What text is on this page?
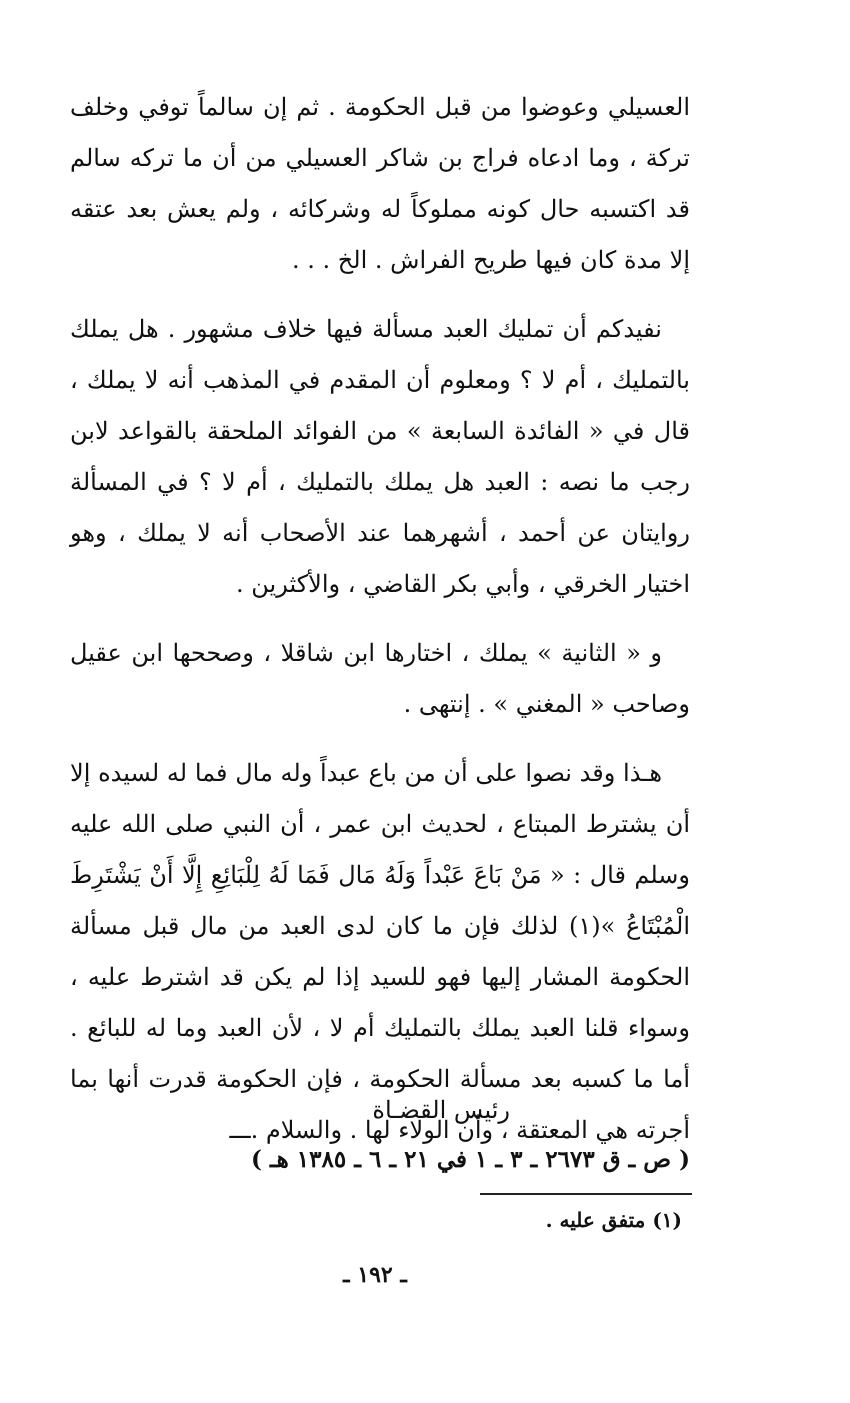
العسيلي وعوضوا من قبل الحكومة . ثم إن سالماً توفي وخلف تركة ، وما ادعاه فراج بن شاكر العسيلي من أن ما تركه سالم قد اكتسبه حال كونه مملوكاً له وشركائه ، ولم يعش بعد عتقه إلا مدة كان فيها طريح الفراش . الخ . . .

نفيدكم أن تمليك العبد مسألة فيها خلاف مشهور . هل يملك بالتمليك ، أم لا ؟ ومعلوم أن المقدم في المذهب أنه لا يملك ، قال في « الفائدة السابعة » من الفوائد الملحقة بالقواعد لابن رجب ما نصه : العبد هل يملك بالتمليك ، أم لا ؟ في المسألة روايتان عن أحمد ، أشهرهما عند الأصحاب أنه لا يملك ، وهو اختيار الخرقي ، وأبي بكر القاضي ، والأكثرين .

و « الثانية » يملك ، اختارها ابن شاقلا ، وصححها ابن عقيل وصاحب « المغني » . إنتهى .

هـذا وقد نصوا على أن من باع عبداً وله مال فما له لسيده إلا أن يشترط المبتاع ، لحديث ابن عمر ، أن النبي صلى الله عليه وسلم قال : « مَنْ بَاعَ عَبْداً وَلَهُ مَال فَمَا لَهُ لِلْبَائِعِ إِلَّا أَنْ يَشْتَرِطَ الْمُبْتَاعُ »(١) لذلك فإن ما كان لدى العبد من مال قبل مسألة الحكومة المشار إليها فهو للسيد إذا لم يكن قد اشترط عليه ، وسواء قلنا العبد يملك بالتمليك أم لا ، لأن العبد وما له للبائع . أما ما كسبه بعد مسألة الحكومة ، فإن الحكومة قدرت أنها بما أجرته هي المعتقة ، وأن الولاء لها . والسلام .ـــ

رئيس القضـاة

( ص ـ ق ٢٦٧٣ ـ ٣ ـ ١ في ٢١ ـ ٦ ـ ١٣٨٥ هـ )

(١) متفق عليه .
ـ ١٩٢ ـ
